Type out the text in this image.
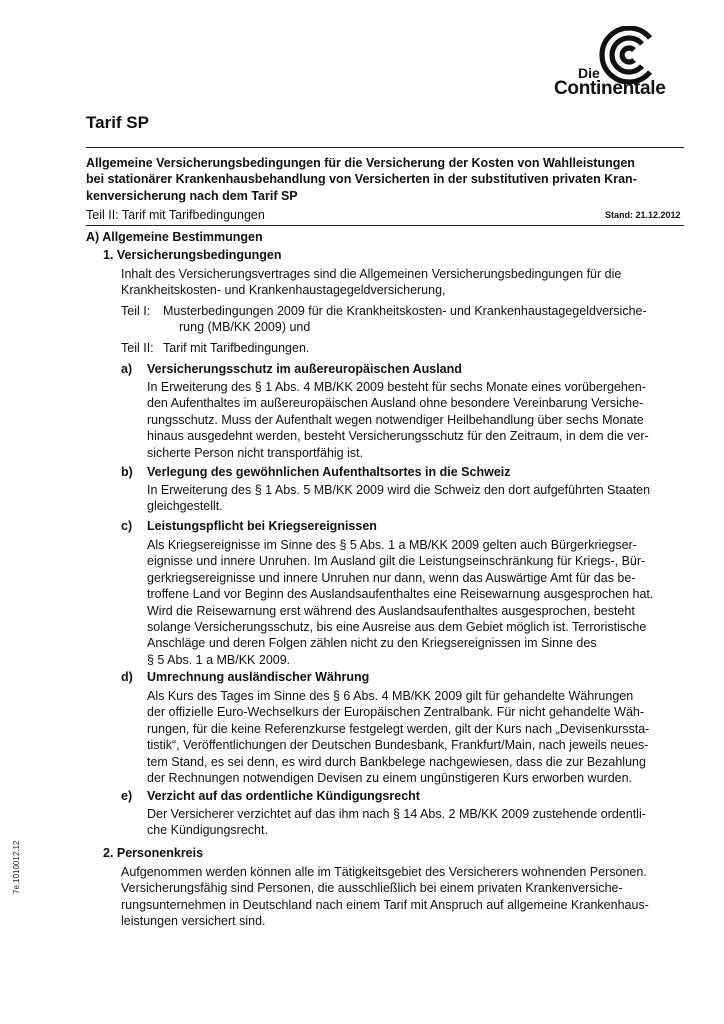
Die
Continentale
Tarif SP
Allgemeine Versicherungsbedingungen für die Versicherung der Kosten von Wahlleistungen
bei stationärer Krankenhausbehandlung von Versicherten in der substitutiven privaten Kran-
kenversicherung nach dem Tarif SP
Teil II: Tarif mit Tarifbedingungen	Stand: 21.12.2012
A) Allgemeine Bestimmungen
1. Versicherungsbedingungen
Inhalt des Versicherungsvertrages sind die Allgemeinen Versicherungsbedingungen für die
Krankheitskosten- und Krankenhaustagegeldversicherung,
Teil I: Musterbedingungen 2009 für die Krankheitskosten- und Krankenhaustagegeldversiche-
rung (MB/KK 2009) und
Teil II: Tarif mit Tarifbedingungen.
a) Versicherungsschutz im außereuropäischen Ausland
In Erweiterung des § 1 Abs. 4 MB/KK 2009 besteht für sechs Monate eines vorübergehen-
den Aufenthaltes im außereuropäischen Ausland ohne besondere Vereinbarung Versiche-
rungsschutz. Muss der Aufenthalt wegen notwendiger Heilbehandlung über sechs Monate
hinaus ausgedehnt werden, besteht Versicherungsschutz für den Zeitraum, in dem die ver-
sicherte Person nicht transportfähig ist.
b) Verlegung des gewöhnlichen Aufenthaltsortes in die Schweiz
In Erweiterung des § 1 Abs. 5 MB/KK 2009 wird die Schweiz den dort aufgeführten Staaten
gleichgestellt.
c) Leistungspflicht bei Kriegsereignissen
Als Kriegsereignisse im Sinne des § 5 Abs. 1 a MB/KK 2009 gelten auch Bürgerkriegser-
eignisse und innere Unruhen. Im Ausland gilt die Leistungseinschränkung für Kriegs-, Bür-
gerkriegsereignisse und innere Unruhen nur dann, wenn das Auswärtige Amt für das be-
troffene Land vor Beginn des Auslandsaufenthaltes eine Reisewarnung ausgesprochen hat.
Wird die Reisewarnung erst während des Auslandsaufenthaltes ausgesprochen, besteht
solange Versicherungsschutz, bis eine Ausreise aus dem Gebiet möglich ist. Terroristische
Anschläge und deren Folgen zählen nicht zu den Kriegsereignissen im Sinne des
§ 5 Abs. 1 a MB/KK 2009.
d) Umrechnung ausländischer Währung
Als Kurs des Tages im Sinne des § 6 Abs. 4 MB/KK 2009 gilt für gehandelte Währungen
der offizielle Euro-Wechselkurs der Europäischen Zentralbank. Für nicht gehandelte Wäh-
rungen, für die keine Referenzkurse festgelegt werden, gilt der Kurs nach „Devisenkurssta-
tistik“, Veröffentlichungen der Deutschen Bundesbank, Frankfurt/Main, nach jeweils neues-
tem Stand, es sei denn, es wird durch Bankbelege nachgewiesen, dass die zur Bezahlung
der Rechnungen notwendigen Devisen zu einem ungünstigeren Kurs erworben wurden.
e) Verzicht auf das ordentliche Kündigungsrecht
Der Versicherer verzichtet auf das ihm nach § 14 Abs. 2 MB/KK 2009 zustehende ordentli-
che Kündigungsrecht.
2. Personenkreis
Aufgenommen werden können alle im Tätigkeitsgebiet des Versicherers wohnenden Personen.
Versicherungsfähig sind Personen, die ausschließlich bei einem privaten Krankenversiche-
rungsunternehmen in Deutschland nach einem Tarif mit Anspruch auf allgemeine Krankenhaus-
leistungen versichert sind.
7e.1010012.12
